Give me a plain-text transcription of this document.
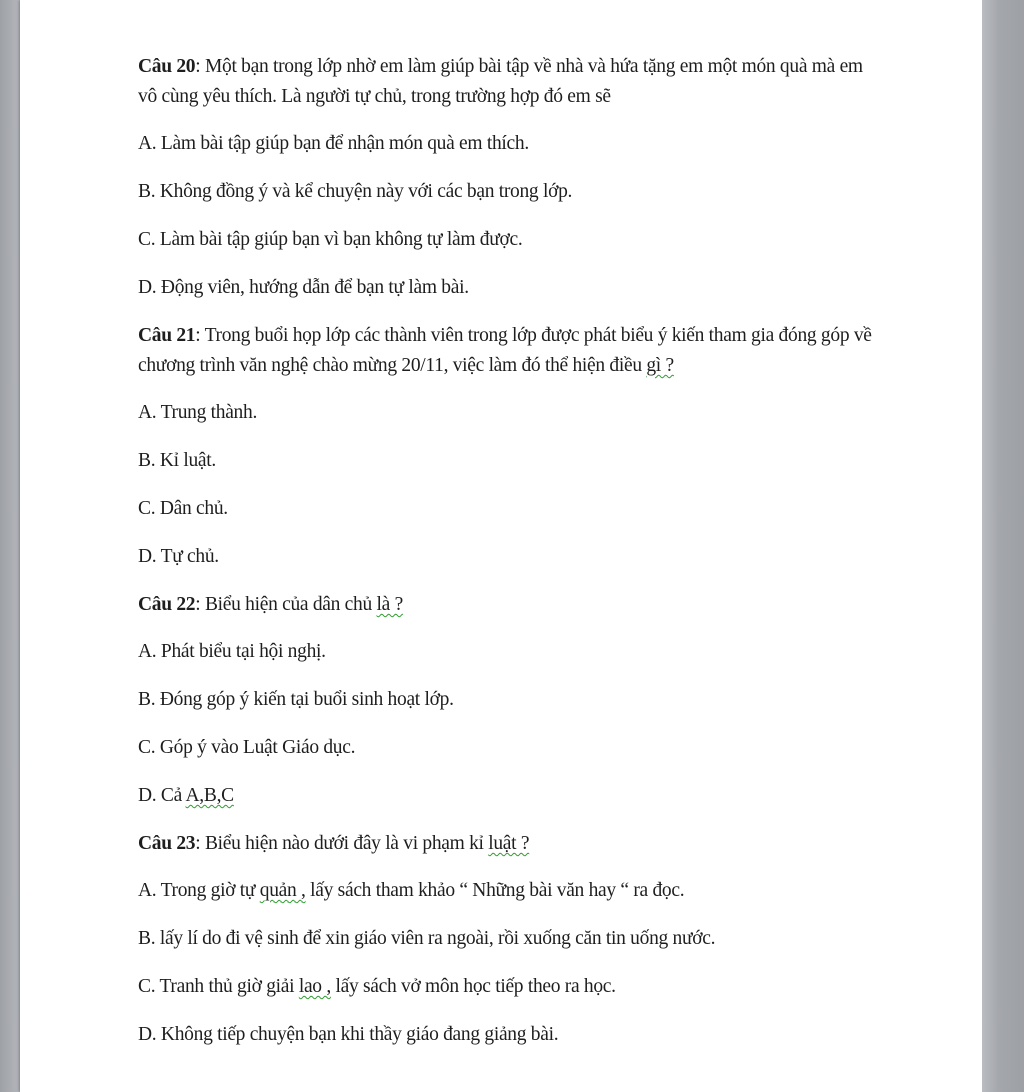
Câu 20: Một bạn trong lớp nhờ em làm giúp bài tập về nhà và hứa tặng em một món quà mà em vô cùng yêu thích. Là người tự chủ, trong trường hợp đó em sẽ

A. Làm bài tập giúp bạn để nhận món quà em thích.

B. Không đồng ý và kể chuyện này với các bạn trong lớp.

C. Làm bài tập giúp bạn vì bạn không tự làm được.

D. Động viên, hướng dẫn để bạn tự làm bài.

Câu 21: Trong buổi họp lớp các thành viên trong lớp được phát biểu ý kiến tham gia đóng góp về chương trình văn nghệ chào mừng 20/11, việc làm đó thể hiện điều gì ?

A. Trung thành.

B. Kỉ luật.

C. Dân chủ.

D. Tự chủ.

Câu 22: Biểu hiện của dân chủ là ?

A. Phát biểu tại hội nghị.

B. Đóng góp ý kiến tại buổi sinh hoạt lớp.

C. Góp ý vào Luật Giáo dục.

D. Cả A,B,C

Câu 23: Biểu hiện nào dưới đây là vi phạm kỉ luật ?

A. Trong giờ tự quản , lấy sách tham khảo “ Những bài văn hay “ ra đọc.

B. lấy lí do đi vệ sinh để xin giáo viên ra ngoài, rồi xuống căn tin uống nước.

C. Tranh thủ giờ giải lao , lấy sách vở môn học tiếp theo ra học.

D. Không tiếp chuyện bạn khi thầy giáo đang giảng bài.
